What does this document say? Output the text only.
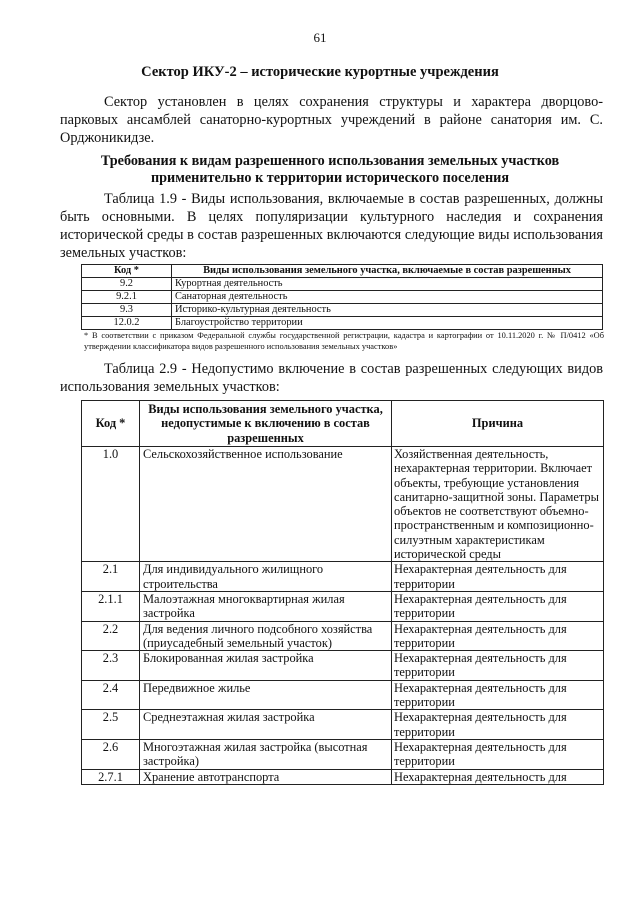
61
Сектор ИКУ-2 – исторические курортные учреждения
Сектор установлен в целях сохранения структуры и характера дворцово-парковых ансамблей санаторно-курортных учреждений в районе санатория им. С. Орджоникидзе.
Требования к видам разрешенного использования земельных участков
применительно к территории исторического поселения
Таблица 1.9 - Виды использования, включаемые в состав разрешенных, должны быть основными. В целях популяризации культурного наследия и сохранения исторической среды в состав разрешенных включаются следующие виды использования земельных участков:
Код *	Виды использования земельного участка, включаемые в состав разрешенных
9.2	Курортная деятельность
9.2.1	Санаторная деятельность
9.3	Историко-культурная деятельность
12.0.2	Благоустройство территории
* В соответствии с приказом Федеральной службы государственной регистрации, кадастра и картографии от 10.11.2020 г. № П/0412 «Об утверждении классификатора видов разрешенного использования земельных участков»
Таблица 2.9 - Недопустимо включение в состав разрешенных следующих видов использования земельных участков:
Код *	Виды использования земельного участка, недопустимые к включению в состав разрешенных	Причина
1.0	Сельскохозяйственное использование	Хозяйственная деятельность, нехарактерная территории. Включает объекты, требующие установления санитарно-защитной зоны. Параметры объектов не соответствуют объемно-пространственным и композиционно-силуэтным характеристикам исторической среды
2.1	Для индивидуального жилищного строительства	Нехарактерная деятельность для территории
2.1.1	Малоэтажная многоквартирная жилая застройка	Нехарактерная деятельность для территории
2.2	Для ведения личного подсобного хозяйства (приусадебный земельный участок)	Нехарактерная деятельность для территории
2.3	Блокированная жилая застройка	Нехарактерная деятельность для территории
2.4	Передвижное жилье	Нехарактерная деятельность для территории
2.5	Среднеэтажная жилая застройка	Нехарактерная деятельность для территории
2.6	Многоэтажная жилая застройка (высотная застройка)	Нехарактерная деятельность для территории
2.7.1	Хранение автотранспорта	Нехарактерная деятельность для
